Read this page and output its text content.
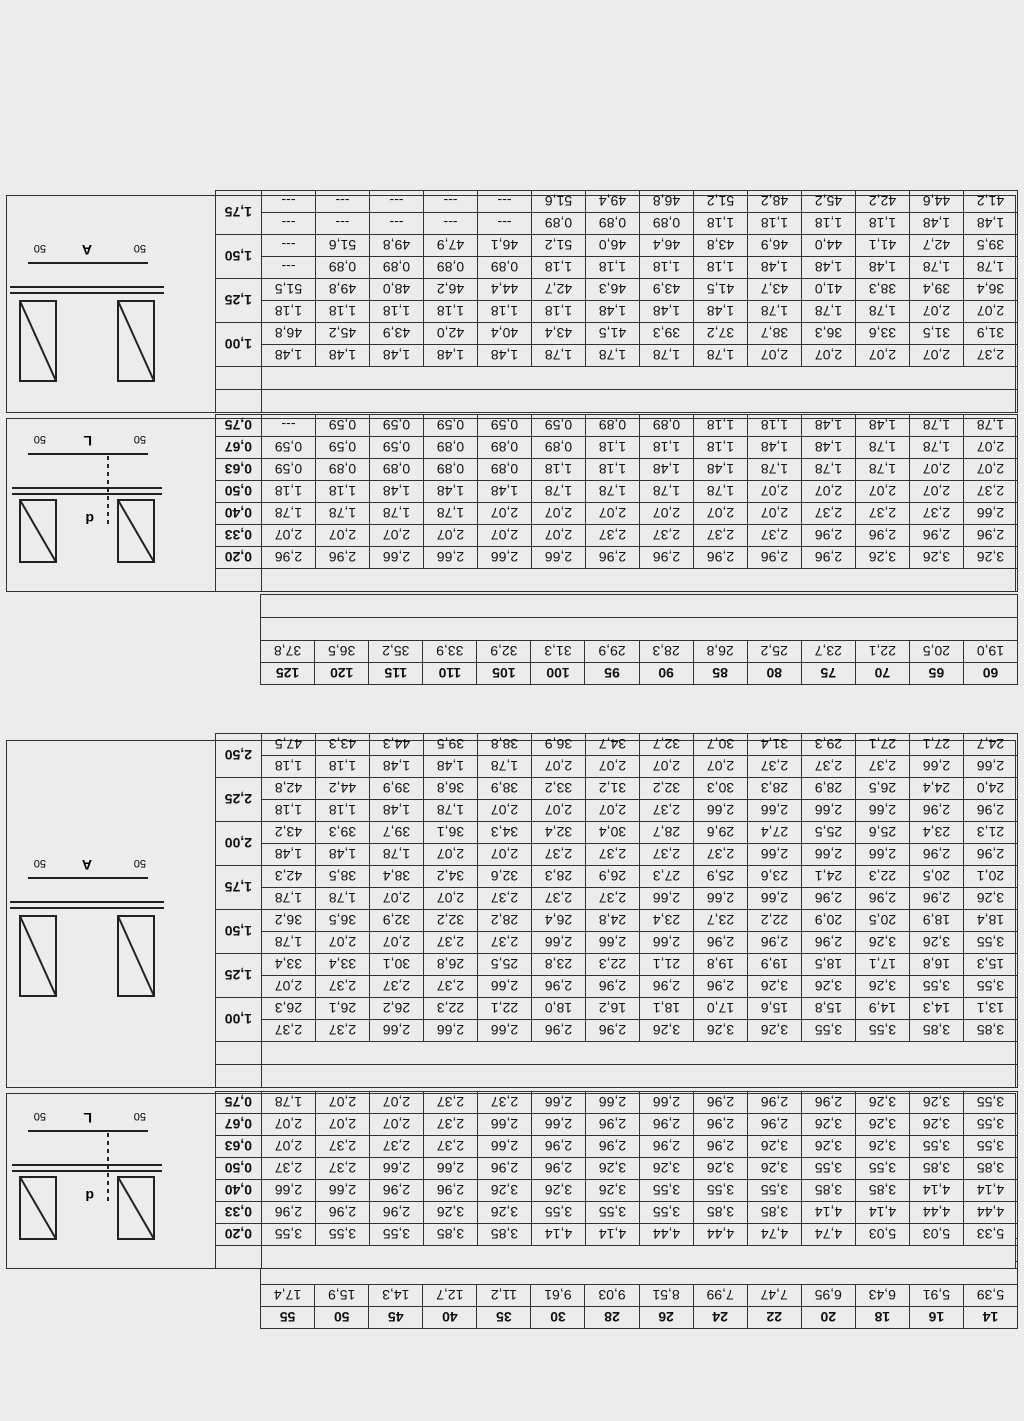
14	16	18	20	22	24	26	28	30	35	40	45	50	55
5,39	5,91	6,43	6,95	7,47	7,99	8,51	9,03	9,61	11,2	12,7	14,3	15,9	17,4

5,33	5,03	5,03	4,74	4,74	4,44	4,44	4,14	4,14	3,85	3,85	3,55	3,55	3,55	0,20
4,44	4,44	4,14	4,14	3,85	3,85	3,55	3,55	3,55	3,26	3,26	2,96	2,96	2,96	0,33
4,14	4,14	3,85	3,85	3,55	3,55	3,55	3,26	3,26	3,26	2,96	2,96	2,66	2,66	0,40
3,85	3,85	3,55	3,55	3,26	3,26	3,26	3,26	2,96	2,96	2,66	2,66	2,37	2,37	0,50
3,55	3,55	3,26	3,26	3,26	2,96	2,96	2,96	2,96	2,66	2,37	2,37	2,37	2,07	0,63
3,55	3,26	3,26	3,26	2,96	2,96	2,96	2,96	2,66	2,66	2,37	2,07	2,07	2,07	0,67
3,55	3,26	3,26	2,96	2,96	2,96	2,66	2,66	2,66	2,37	2,37	2,07	2,07	1,78	0,75
d
L	50
50

3,85	3,85	3,55	3,55	3,26	3,26	3,26	2,96	2,96	2,66	2,66	2,66	2,37	2,37	1,00
13,1	14,3	14,9	15,8	15,6	17,0	18,1	16,2	18,0	22,1	22,3	26,2	26,1	26,3	
3,55	3,55	3,26	3,26	3,26	2,96	2,96	2,96	2,96	2,66	2,37	2,37	2,37	2,07	1,25
15,3	16,8	17,1	18,5	19,9	19,8	21,1	22,3	23,8	25,5	26,8	30,1	33,4	33,4	
3,55	3,26	3,26	2,96	2,96	2,96	2,66	2,66	2,66	2,37	2,37	2,07	2,07	1,78	1,50
18,4	18,9	20,5	20,9	22,2	23,7	23,4	24,8	26,4	28,2	32,2	32,9	36,5	36,2	
3,26	2,96	2,96	2,96	2,66	2,66	2,66	2,37	2,37	2,37	2,07	2,07	1,78	1,78	1,75
20,1	20,5	22,3	24,1	23,6	25,9	27,3	26,9	28,3	32,6	34,2	38,4	38,5	42,3	
2,96	2,96	2,66	2,66	2,66	2,37	2,37	2,37	2,37	2,07	2,07	1,78	1,48	1,48	2,00
21,3	23,4	25,6	25,5	27,4	29,6	28,7	30,4	32,4	34,3	36,1	39,7	39,3	43,2	
2,96	2,96	2,66	2,66	2,66	2,66	2,37	2,07	2,07	2,07	1,78	1,48	1,18	1,18	2,25
24,0	24,4	26,5	28,9	28,3	30,3	32,2	31,2	33,2	38,9	36,8	39,9	44,2	42,8	
2,66	2,66	2,37	2,37	2,37	2,07	2,07	2,07	2,07	1,78	1,48	1,48	1,18	1,18	2,50
24,7	27,1	27,1	29,3	31,4	30,7	32,7	34,7	36,9	38,8	39,5	44,3	43,3	47,5	
A	50
50
60	65	70	75	80	85	90	95	100	105	110	115	120	125
19,0	20,5	22,1	23,7	25,2	26,8	28,3	29,9	31,3	32,9	33,9	35,2	36,5	37,8

3,26	3,26	3,26	2,96	2,96	2,96	2,96	2,96	2,66	2,66	2,66	2,66	2,96	2,96	0,20
2,96	2,96	2,96	2,96	2,37	2,37	2,37	2,37	2,07	2,07	2,07	2,07	2,07	2,07	0,33
2,66	2,37	2,37	2,37	2,07	2,07	2,07	2,07	2,07	2,07	1,78	1,78	1,78	1,78	0,40
2,37	2,07	2,07	2,07	2,07	1,78	1,78	1,78	1,78	1,48	1,48	1,48	1,18	1,18	0,50
2,07	2,07	1,78	1,78	1,78	1,48	1,48	1,18	1,18	0,89	0,89	0,89	0,89	0,59	0,63
2,07	1,78	1,78	1,48	1,48	1,18	1,18	1,18	0,89	0,89	0,89	0,59	0,59	0,59	0,67
1,78	1,78	1,48	1,48	1,18	1,18	0,89	0,89	0,59	0,59	0,59	0,59	0,59	---	0,75
d
L	50
50

2,37	2,07	2,07	2,07	2,07	1,78	1,78	1,78	1,78	1,48	1,48	1,48	1,48	1,48	1,00
31,9	31,5	33,6	36,3	38,7	37,2	39,3	41,5	43,4	40,4	42,0	43,9	45,2	46,8	
2,07	2,07	1,78	1,78	1,78	1,48	1,48	1,48	1,18	1,18	1,18	1,18	1,18	1,18	1,25
36,4	39,4	38,3	41,0	43,7	41,5	43,9	46,3	42,7	44,4	46,2	48,0	49,8	51,5	
1,78	1,78	1,48	1,48	1,48	1,18	1,18	1,18	1,18	0,89	0,89	0,89	0,89	---	1,50
39,5	42,7	41,1	44,0	46,9	43,8	46,4	46,0	51,2	46,1	47,9	49,8	51,6	---	
1,48	1,48	1,18	1,18	1,18	1,18	0,89	0,89	0,89	---	---	---	---	---	1,75
41,2	44,6	42,2	45,2	48,2	51,2	46,8	49,4	51,6	---	---	---	---	---	
A	50
50
